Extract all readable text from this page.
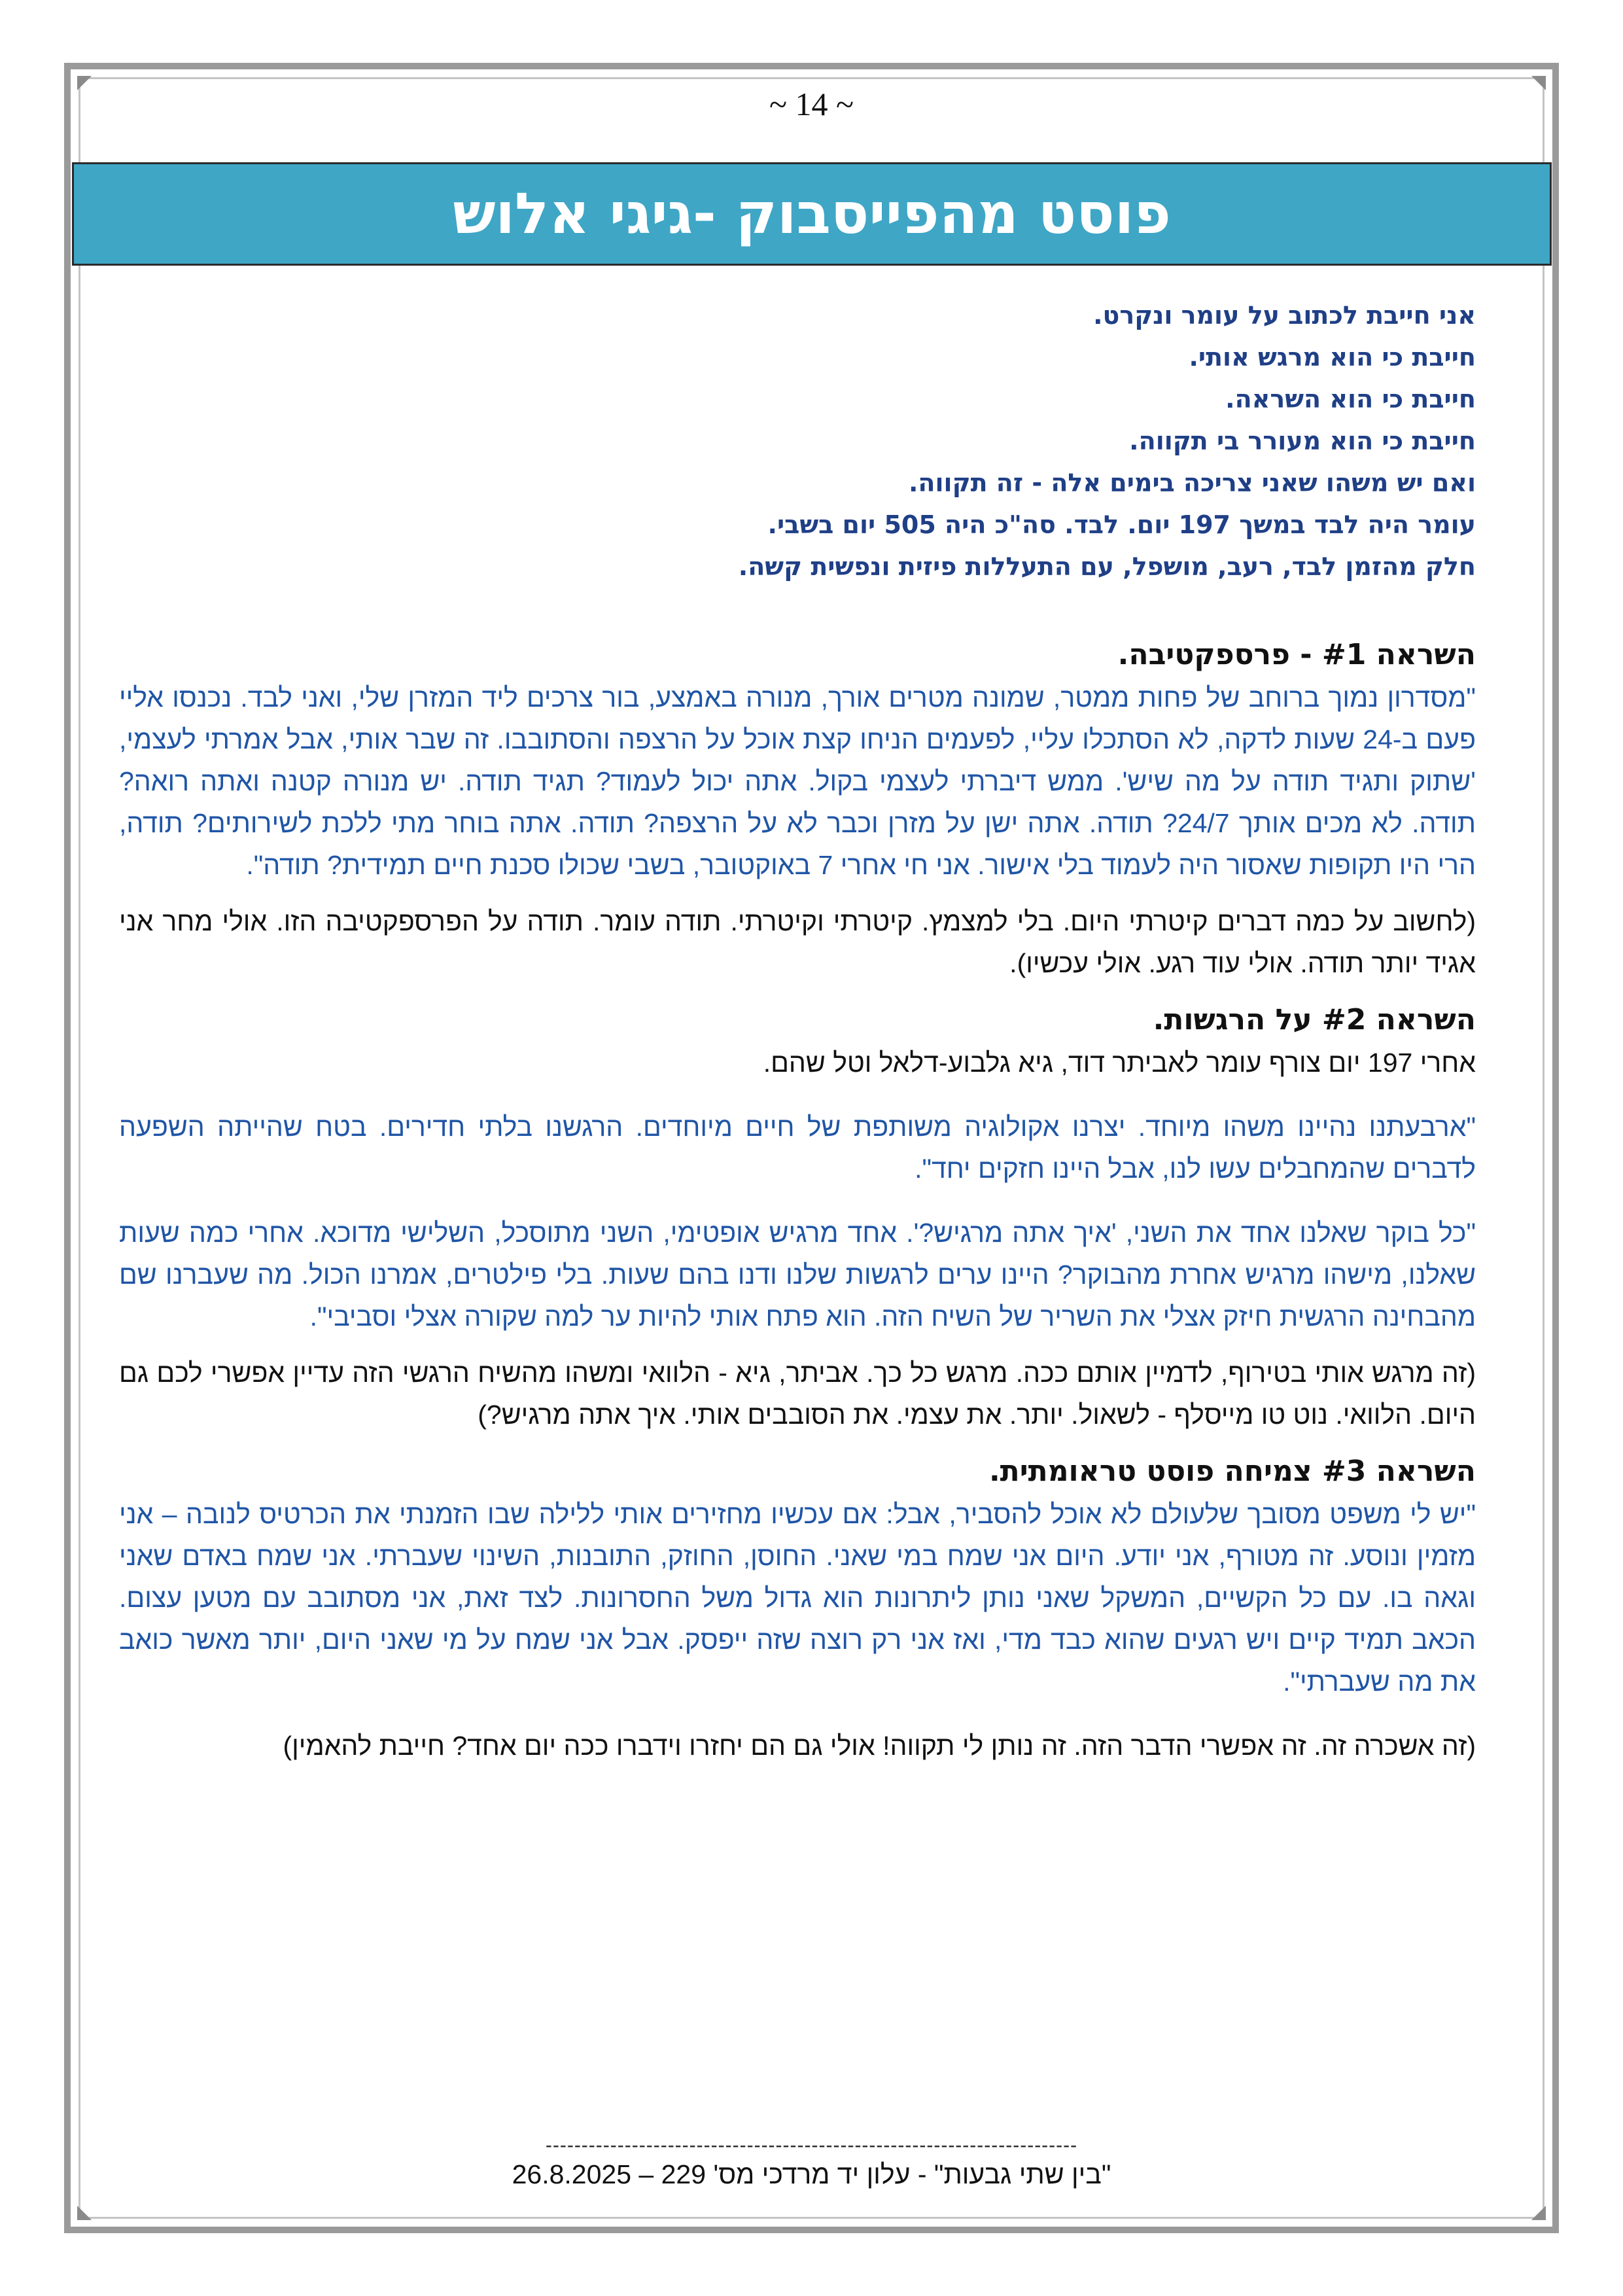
~ 14 ~
פוסט מהפייסבוק -גיגי אלוש

אני חייבת לכתוב על עומר ונקרט.

חייבת כי הוא מרגש אותי.

חייבת כי הוא השראה.

חייבת כי הוא מעורר בי תקווה.

ואם יש משהו שאני צריכה בימים אלה - זה תקווה.

עומר היה לבד במשך 197 יום. לבד. סה"כ היה 505 יום בשבי.

חלק מהזמן לבד, רעב, מושפל, עם התעללות פיזית ונפשית קשה.

השראה #1 - פרספקטיבה.

"מסדרון נמוך ברוחב של פחות ממטר, שמונה מטרים אורך, מנורה באמצע, בור צרכים ליד המזרן שלי, ואני לבד. נכנסו אליי פעם ב-24 שעות לדקה, לא הסתכלו עליי, לפעמים הניחו קצת אוכל על הרצפה והסתובבו. זה שבר אותי, אבל אמרתי לעצמי, 'שתוק ותגיד תודה על מה שיש'. ממש דיברתי לעצמי בקול. אתה יכול לעמוד? תגיד תודה. יש מנורה קטנה ואתה רואה? תודה. לא מכים אותך 24/7? תודה. אתה ישן על מזרן וכבר לא על הרצפה? תודה. אתה בוחר מתי ללכת לשירותים? תודה, הרי היו תקופות שאסור היה לעמוד בלי אישור. אני חי אחרי 7 באוקטובר, בשבי שכולו סכנת חיים תמידית? תודה".

(לחשוב על כמה דברים קיטרתי היום. בלי למצמץ. קיטרתי וקיטרתי. תודה עומר. תודה על הפרספקטיבה הזו. אולי מחר אני אגיד יותר תודה. אולי עוד רגע. אולי עכשיו).

השראה #2 על הרגשות.

אחרי 197 יום צורף עומר לאביתר דוד, גיא גלבוע-דלאל וטל שהם.

"ארבעתנו נהיינו משהו מיוחד. יצרנו אקולוגיה משותפת של חיים מיוחדים. הרגשנו בלתי חדירים. בטח שהייתה השפעה לדברים שהמחבלים עשו לנו, אבל היינו חזקים יחד".

"כל בוקר שאלנו אחד את השני, 'איך אתה מרגיש?'. אחד מרגיש אופטימי, השני מתוסכל, השלישי מדוכא. אחרי כמה שעות שאלנו, מישהו מרגיש אחרת מהבוקר? היינו ערים לרגשות שלנו ודנו בהם שעות. בלי פילטרים, אמרנו הכול. מה שעברנו שם מהבחינה הרגשית חיזק אצלי את השריר של השיח הזה. הוא פתח אותי להיות ער למה שקורה אצלי וסביבי".

(זה מרגש אותי בטירוף, לדמיין אותם ככה. מרגש כל כך. אביתר, גיא - הלוואי ומשהו מהשיח הרגשי הזה עדיין אפשרי לכם גם היום. הלוואי. נוט טו מייסלף - לשאול. יותר. את עצמי. את הסובבים אותי. איך אתה מרגיש?)

השראה #3 צמיחה פוסט טראומתית.

"יש לי משפט מסובך שלעולם לא אוכל להסביר, אבל: אם עכשיו מחזירים אותי ללילה שבו הזמנתי את הכרטיס לנובה – אני מזמין ונוסע. זה מטורף, אני יודע. היום אני שמח במי שאני. החוסן, החוזק, התובנות, השינוי שעברתי. אני שמח באדם שאני וגאה בו. עם כל הקשיים, המשקל שאני נותן ליתרונות הוא גדול משל החסרונות. לצד זאת, אני מסתובב עם מטען עצום. הכאב תמיד קיים ויש רגעים שהוא כבד מדי, ואז אני רק רוצה שזה ייפסק. אבל אני שמח על מי שאני היום, יותר מאשר כואב את מה שעברתי".

(זה אשכרה זה. זה אפשרי הדבר הזה. זה נותן לי תקווה! אולי גם הם יחזרו וידברו ככה יום אחד? חייבת להאמין)

--------------------------------------------------------------------------
"בין שתי גבעות" - עלון יד מרדכי מס' 229 – 26.8.2025
